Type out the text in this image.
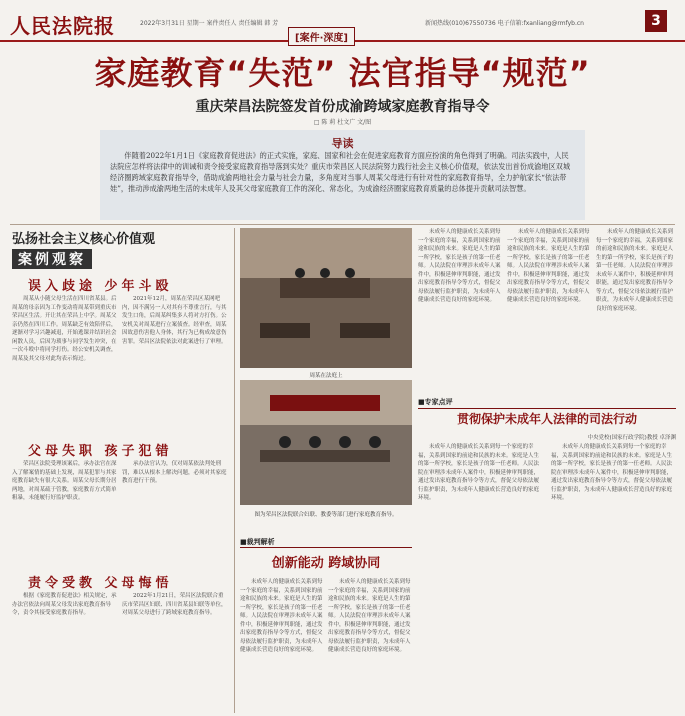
人民法院报	2022年3月31日 星期一 案件责任人 责任编辑 韩 芳	新闻热线(010)67550736 电子信箱:fxanliang@rmfyb.cn	3
[案件·深度]
家庭教育“失范” 法官指导“规范”
重庆荣昌法院签发首份成渝跨域家庭教育指导令
□ 陈 莉 杜文广 文/图
导读
伴随着2022年1月1日《家庭教育促进法》的正式实施，家庭、国家和社会在促进家庭教育方面应扮演的角色得到了明确。司法实践中，人民法院应怎样将法律中的训诫和责令接受家庭教育指导落到实处？重庆市荣昌区人民法院努力践行社会主义核心价值观，依法发出首份成渝地区双城经济圈跨域家庭教育指导令，借助成渝两地社会力量与社会力量，多角度对当事人周某父母进行有针对性的家庭教育指导，全力护航家长“依法带娃”，推动涉成渝两地生活的未成年人及其父母家庭教育工作的深化、常态化，为成渝经济圈家庭教育质量的总体提升贡献司法智慧。
弘扬社会主义核心价值观
案例观察
误入歧途 少年斗殴
周某从小随父母生活在四川省某县。后周某的母亲因为工作变动将周某带到重庆市荣昌区生活。开让其在荣昌上中学。周某父亲仍然在四川工作。周某缺乏有效陪伴后，逐渐对学习兴趣减退，开始逃课并结识社会闲散人员，后因为琐事与同学发生冲突，在一次斗殴中将同学打伤。经公安机关调查，周某及其父母对此均表示悔过。
2021年12月，周某在荣昌区某网吧内，因不满另一人对其有不尊重言行，与其发生口角，后周某纠集多人将对方打伤。公安机关对周某进行立案侦查。经审查，周某因故意伤害他人身体，其行为已构成故意伤害罪。荣昌区法院依法对此案进行了审理。
父母失职 孩子犯错
荣昌区法院受理该案后，承办法官在深入了解案情的基础上发现，周某犯罪与其家庭教育缺失有很大关系。周某父母长期分居两地，对周某疏于管教，家庭教育方式简单粗暴，未能履行好监护职责。
承办法官认为，仅对周某依法判处刑罚，难以从根本上解决问题，必须对其家庭教育进行干预。
责令受教 父母悔悟
根据《家庭教育促进法》相关规定，承办法官依法向周某父母发出家庭教育指导令，责令其接受家庭教育指导。
2022年1月21日，荣昌区法院联合重庆市荣昌区妇联、四川省某县妇联等单位，对周某父母进行了跨域家庭教育指导。
周某在法庭上
图为荣昌区法院联合妇联、教委等部门进行家庭教育指导。
未成年人的健康成长关系到每一个家庭的幸福，关系到国家的前途和民族的未来。家庭是人生的第一所学校，家长是孩子的第一任老师。人民法院在审理涉未成年人案件中，积极延伸审判职能，通过发出家庭教育指导令等方式，督促父母依法履行监护职责，为未成年人健康成长营造良好的家庭环境。
未成年人的健康成长关系到每一个家庭的幸福，关系到国家的前途和民族的未来。家庭是人生的第一所学校，家长是孩子的第一任老师。人民法院在审理涉未成年人案件中，积极延伸审判职能，通过发出家庭教育指导令等方式，督促父母依法履行监护职责，为未成年人健康成长营造良好的家庭环境。
未成年人的健康成长关系到每一个家庭的幸福，关系到国家的前途和民族的未来。家庭是人生的第一所学校，家长是孩子的第一任老师。人民法院在审理涉未成年人案件中，积极延伸审判职能，通过发出家庭教育指导令等方式，督促父母依法履行监护职责，为未成年人健康成长营造良好的家庭环境。
■专家点评
贯彻保护未成年人法律的司法行动
中央党校(国家行政学院)教授 卓泽渊
未成年人的健康成长关系到每一个家庭的幸福，关系到国家的前途和民族的未来。家庭是人生的第一所学校，家长是孩子的第一任老师。人民法院在审理涉未成年人案件中，积极延伸审判职能，通过发出家庭教育指导令等方式，督促父母依法履行监护职责，为未成年人健康成长营造良好的家庭环境。
未成年人的健康成长关系到每一个家庭的幸福，关系到国家的前途和民族的未来。家庭是人生的第一所学校，家长是孩子的第一任老师。人民法院在审理涉未成年人案件中，积极延伸审判职能，通过发出家庭教育指导令等方式，督促父母依法履行监护职责，为未成年人健康成长营造良好的家庭环境。
■裁判解析
创新能动 跨域协同
未成年人的健康成长关系到每一个家庭的幸福，关系到国家的前途和民族的未来。家庭是人生的第一所学校，家长是孩子的第一任老师。人民法院在审理涉未成年人案件中，积极延伸审判职能，通过发出家庭教育指导令等方式，督促父母依法履行监护职责，为未成年人健康成长营造良好的家庭环境。
未成年人的健康成长关系到每一个家庭的幸福，关系到国家的前途和民族的未来。家庭是人生的第一所学校，家长是孩子的第一任老师。人民法院在审理涉未成年人案件中，积极延伸审判职能，通过发出家庭教育指导令等方式，督促父母依法履行监护职责，为未成年人健康成长营造良好的家庭环境。
